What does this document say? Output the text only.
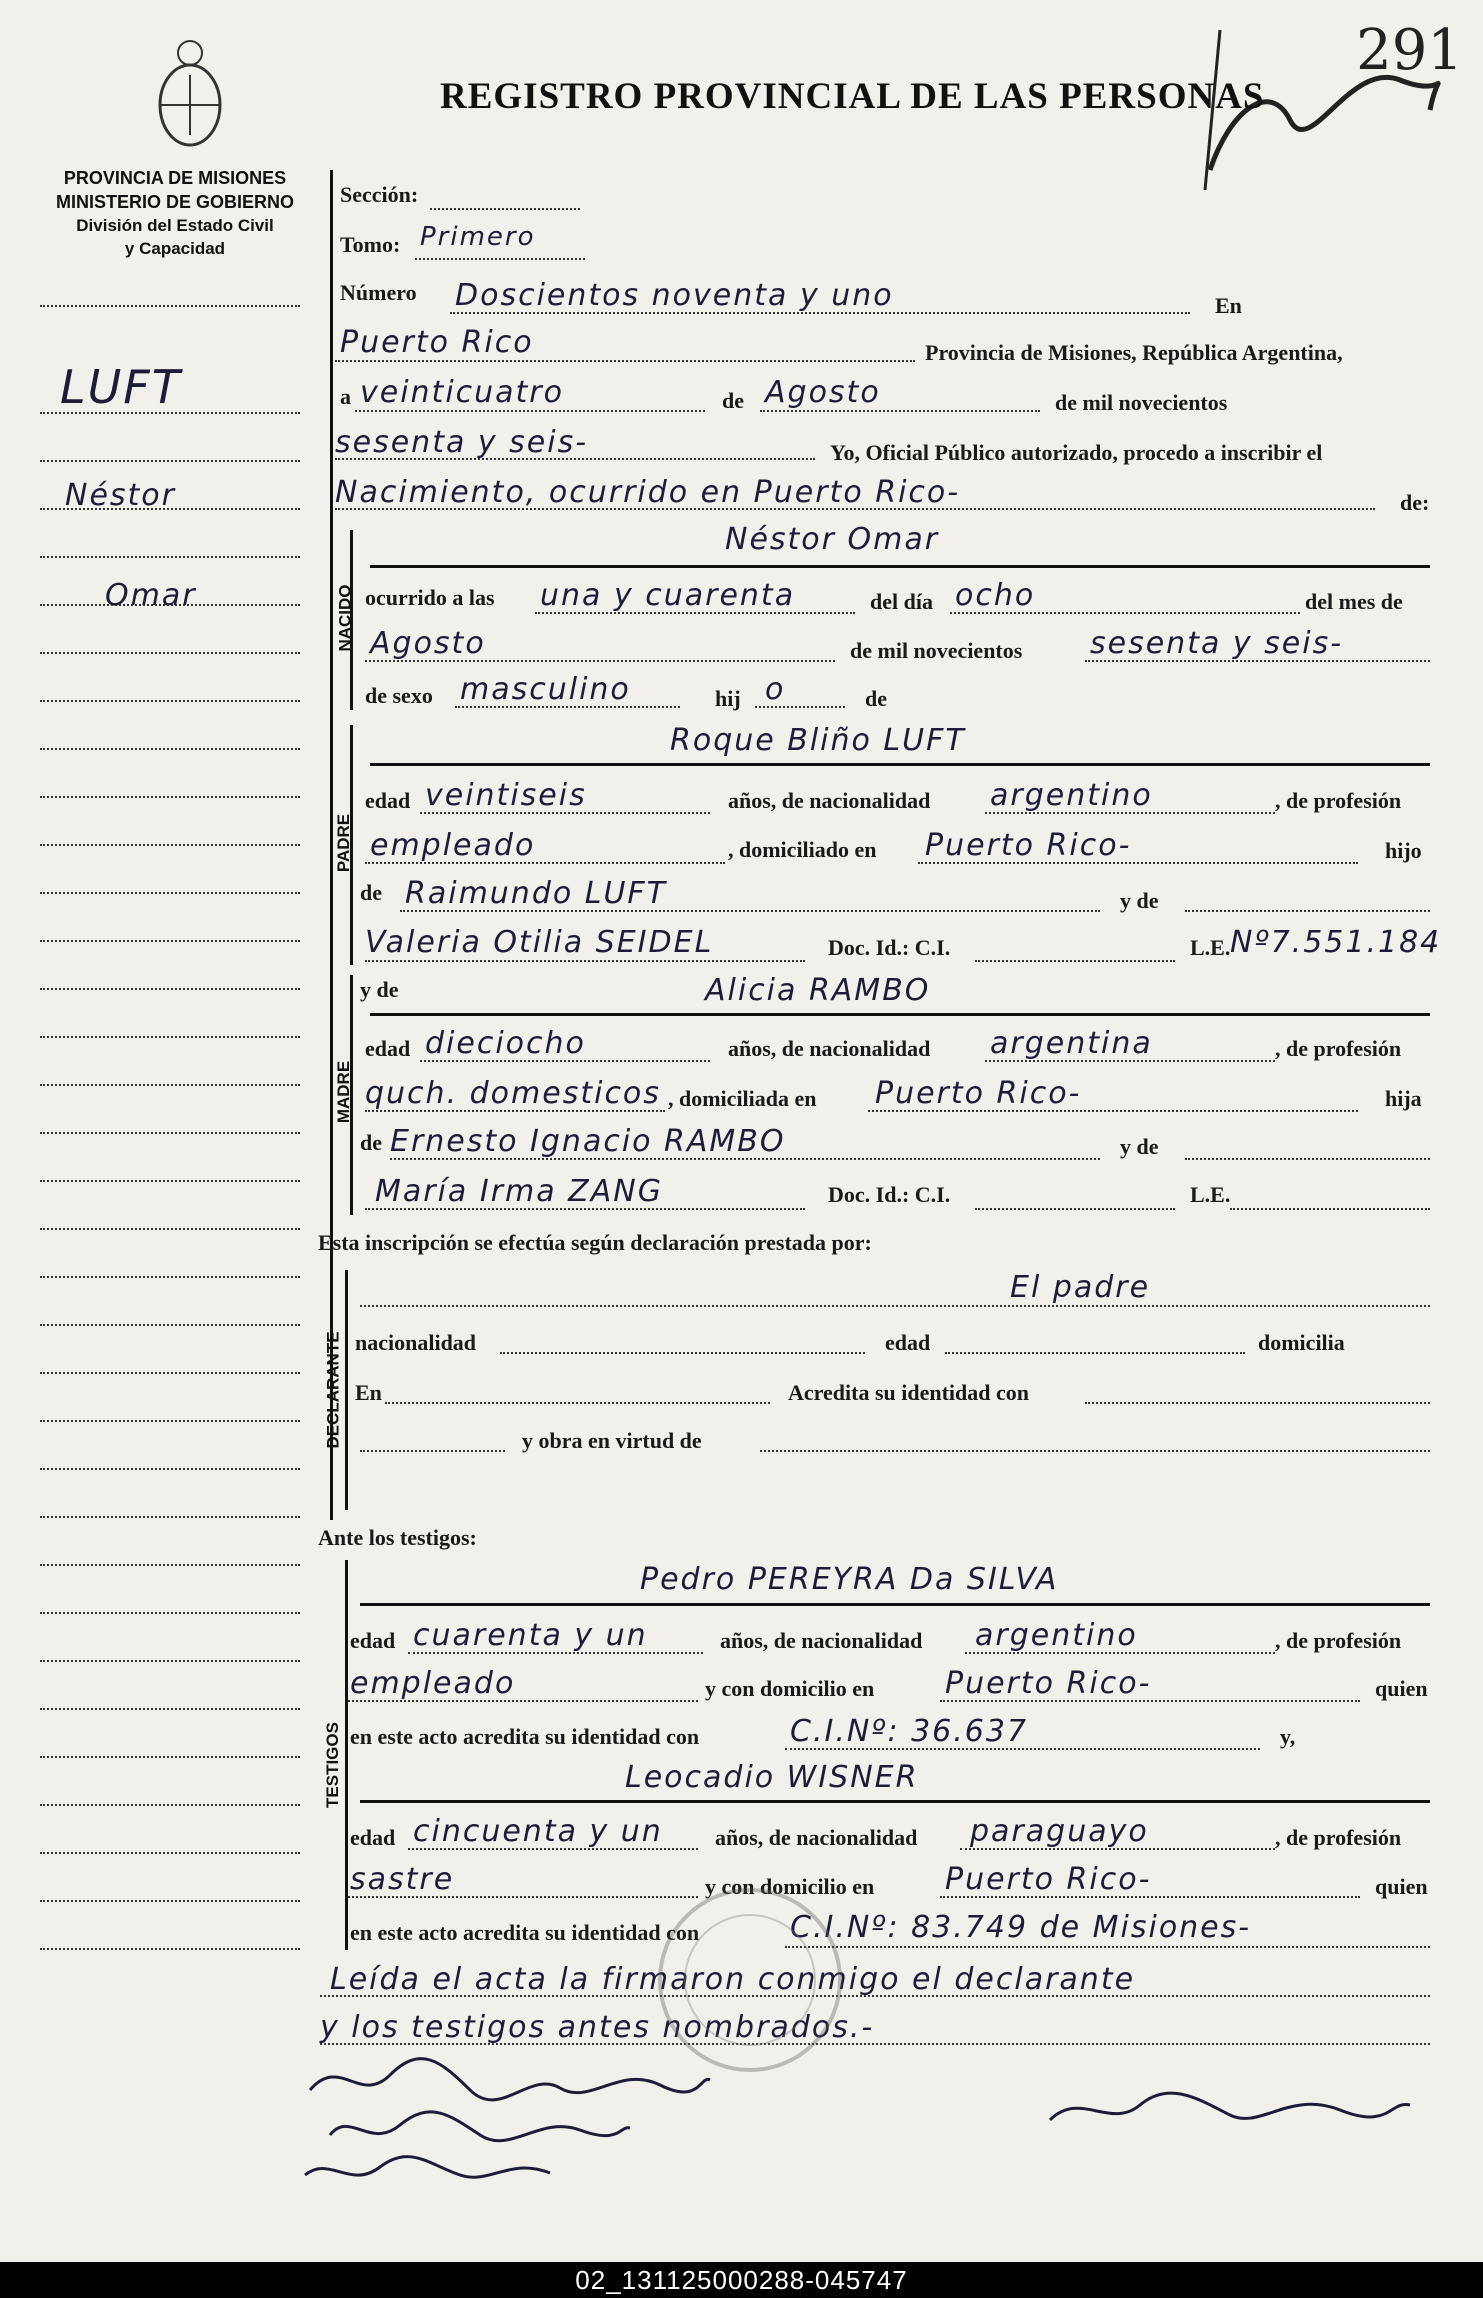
291
REGISTRO PROVINCIAL DE LAS PERSONAS
PROVINCIA DE MISIONES
MINISTERIO DE GOBIERNO
División del Estado Civil
y Capacidad
LUFT
Néstor
Omar
Sección:
Tomo: Primero
Número Doscientos noventa y uno	En
Puerto Rico	Provincia de Misiones, República Argentina,
a veinticuatro	de Agosto	de mil novecientos
sesenta y seis-	Yo, Oficial Público autorizado, procedo a inscribir el
Nacimiento, ocurrido en Puerto Rico-	de:
NACIDO
Néstor Omar
ocurrido a las una y cuarenta	del día ocho	del mes de
Agosto	de mil novecientos sesenta y seis-
de sexo masculino	hij o	de
PADRE
Roque Bliño LUFT
edad veintiseis	años, de nacionalidad argentino	, de profesión
empleado	, domiciliado en Puerto Rico-	hijo
de Raimundo LUFT	y de
Valeria Otilia SEIDEL	Doc. Id.: C.I.	L.E. Nº7.551.184
MADRE
y de	Alicia RAMBO
edad dieciocho	años, de nacionalidad argentina	, de profesión
quch. domesticos , domiciliada en Puerto Rico-	hija
de Ernesto Ignacio RAMBO	y de
María Irma ZANG	Doc. Id.: C.I.	L.E.
Esta inscripción se efectúa según declaración prestada por:
DECLARANTE
El padre
nacionalidad	edad	domicilia
En	Acredita su identidad con
y obra en virtud de
Ante los testigos:
TESTIGOS
Pedro PEREYRA Da SILVA
edad cuarenta y un	años, de nacionalidad argentino	, de profesión
empleado	y con domicilio en Puerto Rico-	quien
en este acto acredita su identidad con	C.I.Nº: 36.637	y,
Leocadio WISNER
edad cincuenta y un años, de nacionalidad paraguayo	, de profesión
sastre	y con domicilio en Puerto Rico-	quien
en este acto acredita su identidad con	C.I.Nº: 83.749 de Misiones-
Leída el acta la firmaron conmigo el declarante
y los testigos antes nombrados.-
02_131125000288-045747
